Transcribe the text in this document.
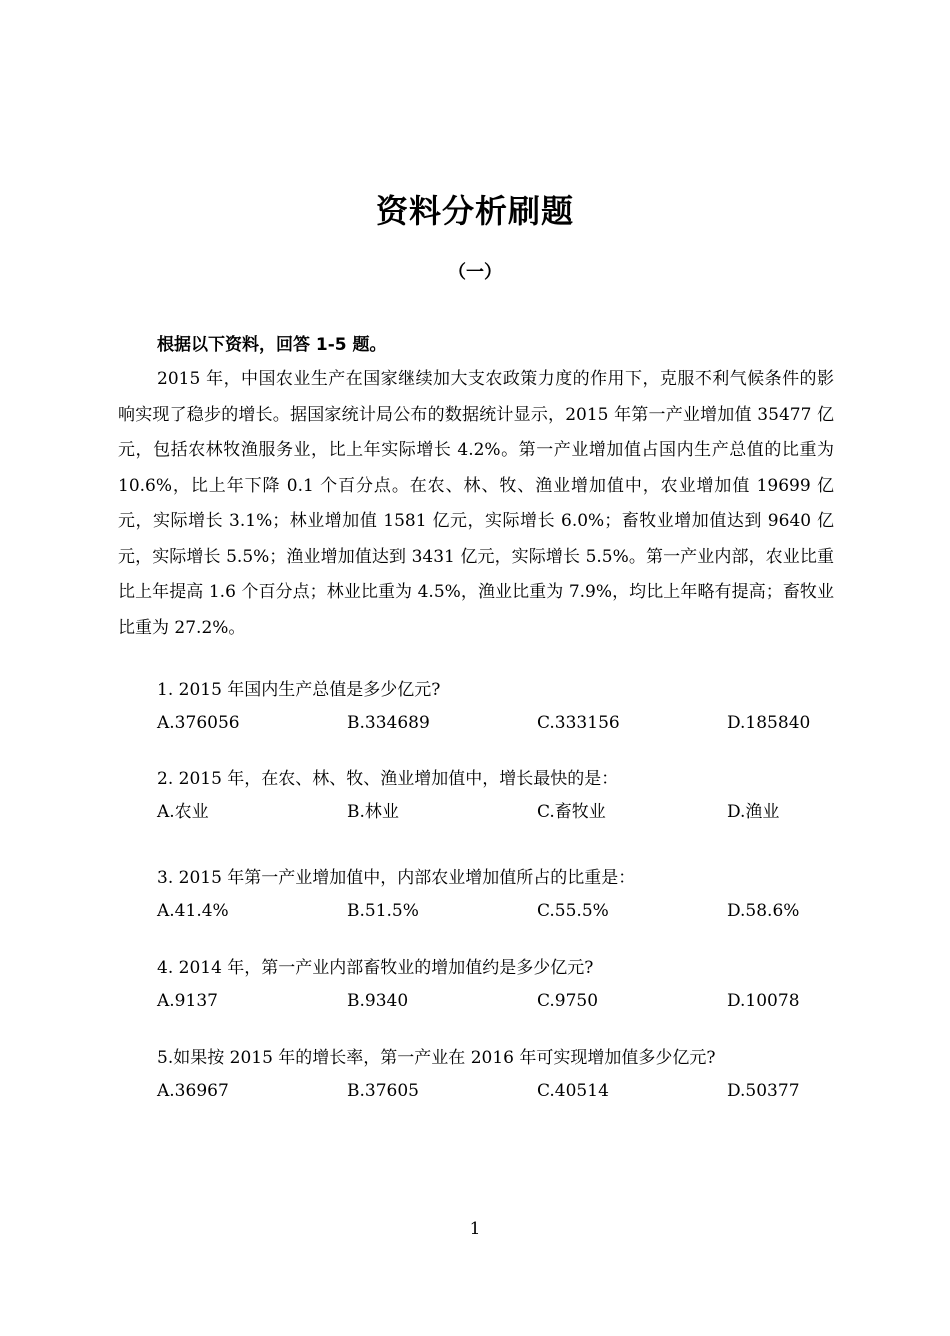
资料分析刷题
（一）
根据以下资料，回答 1-5 题。

2015 年，中国农业生产在国家继续加大支农政策力度的作用下，克服不利气候条件的影响实现了稳步的增长。据国家统计局公布的数据统计显示，2015 年第一产业增加值 35477 亿元，包括农林牧渔服务业，比上年实际增长 4.2%。第一产业增加值占国内生产总值的比重为 10.6%，比上年下降 0.1 个百分点。在农、林、牧、渔业增加值中，农业增加值 19699 亿元，实际增长 3.1%；林业增加值 1581 亿元，实际增长 6.0%；畜牧业增加值达到 9640 亿元，实际增长 5.5%；渔业增加值达到 3431 亿元，实际增长 5.5%。第一产业内部，农业比重比上年提高 1.6 个百分点；林业比重为 4.5%，渔业比重为 7.9%，均比上年略有提高；畜牧业比重为 27.2%。

1. 2015 年国内生产总值是多少亿元?
A.376056	B.334689	C.333156	D.185840
2. 2015 年，在农、林、牧、渔业增加值中，增长最快的是：
A.农业	B.林业	C.畜牧业	D.渔业
3. 2015 年第一产业增加值中，内部农业增加值所占的比重是：
A.41.4%	B.51.5%	C.55.5%	D.58.6%
4. 2014 年，第一产业内部畜牧业的增加值约是多少亿元?
A.9137	B.9340	C.9750	D.10078
5.如果按 2015 年的增长率，第一产业在 2016 年可实现增加值多少亿元?
A.36967	B.37605	C.40514	D.50377
1
